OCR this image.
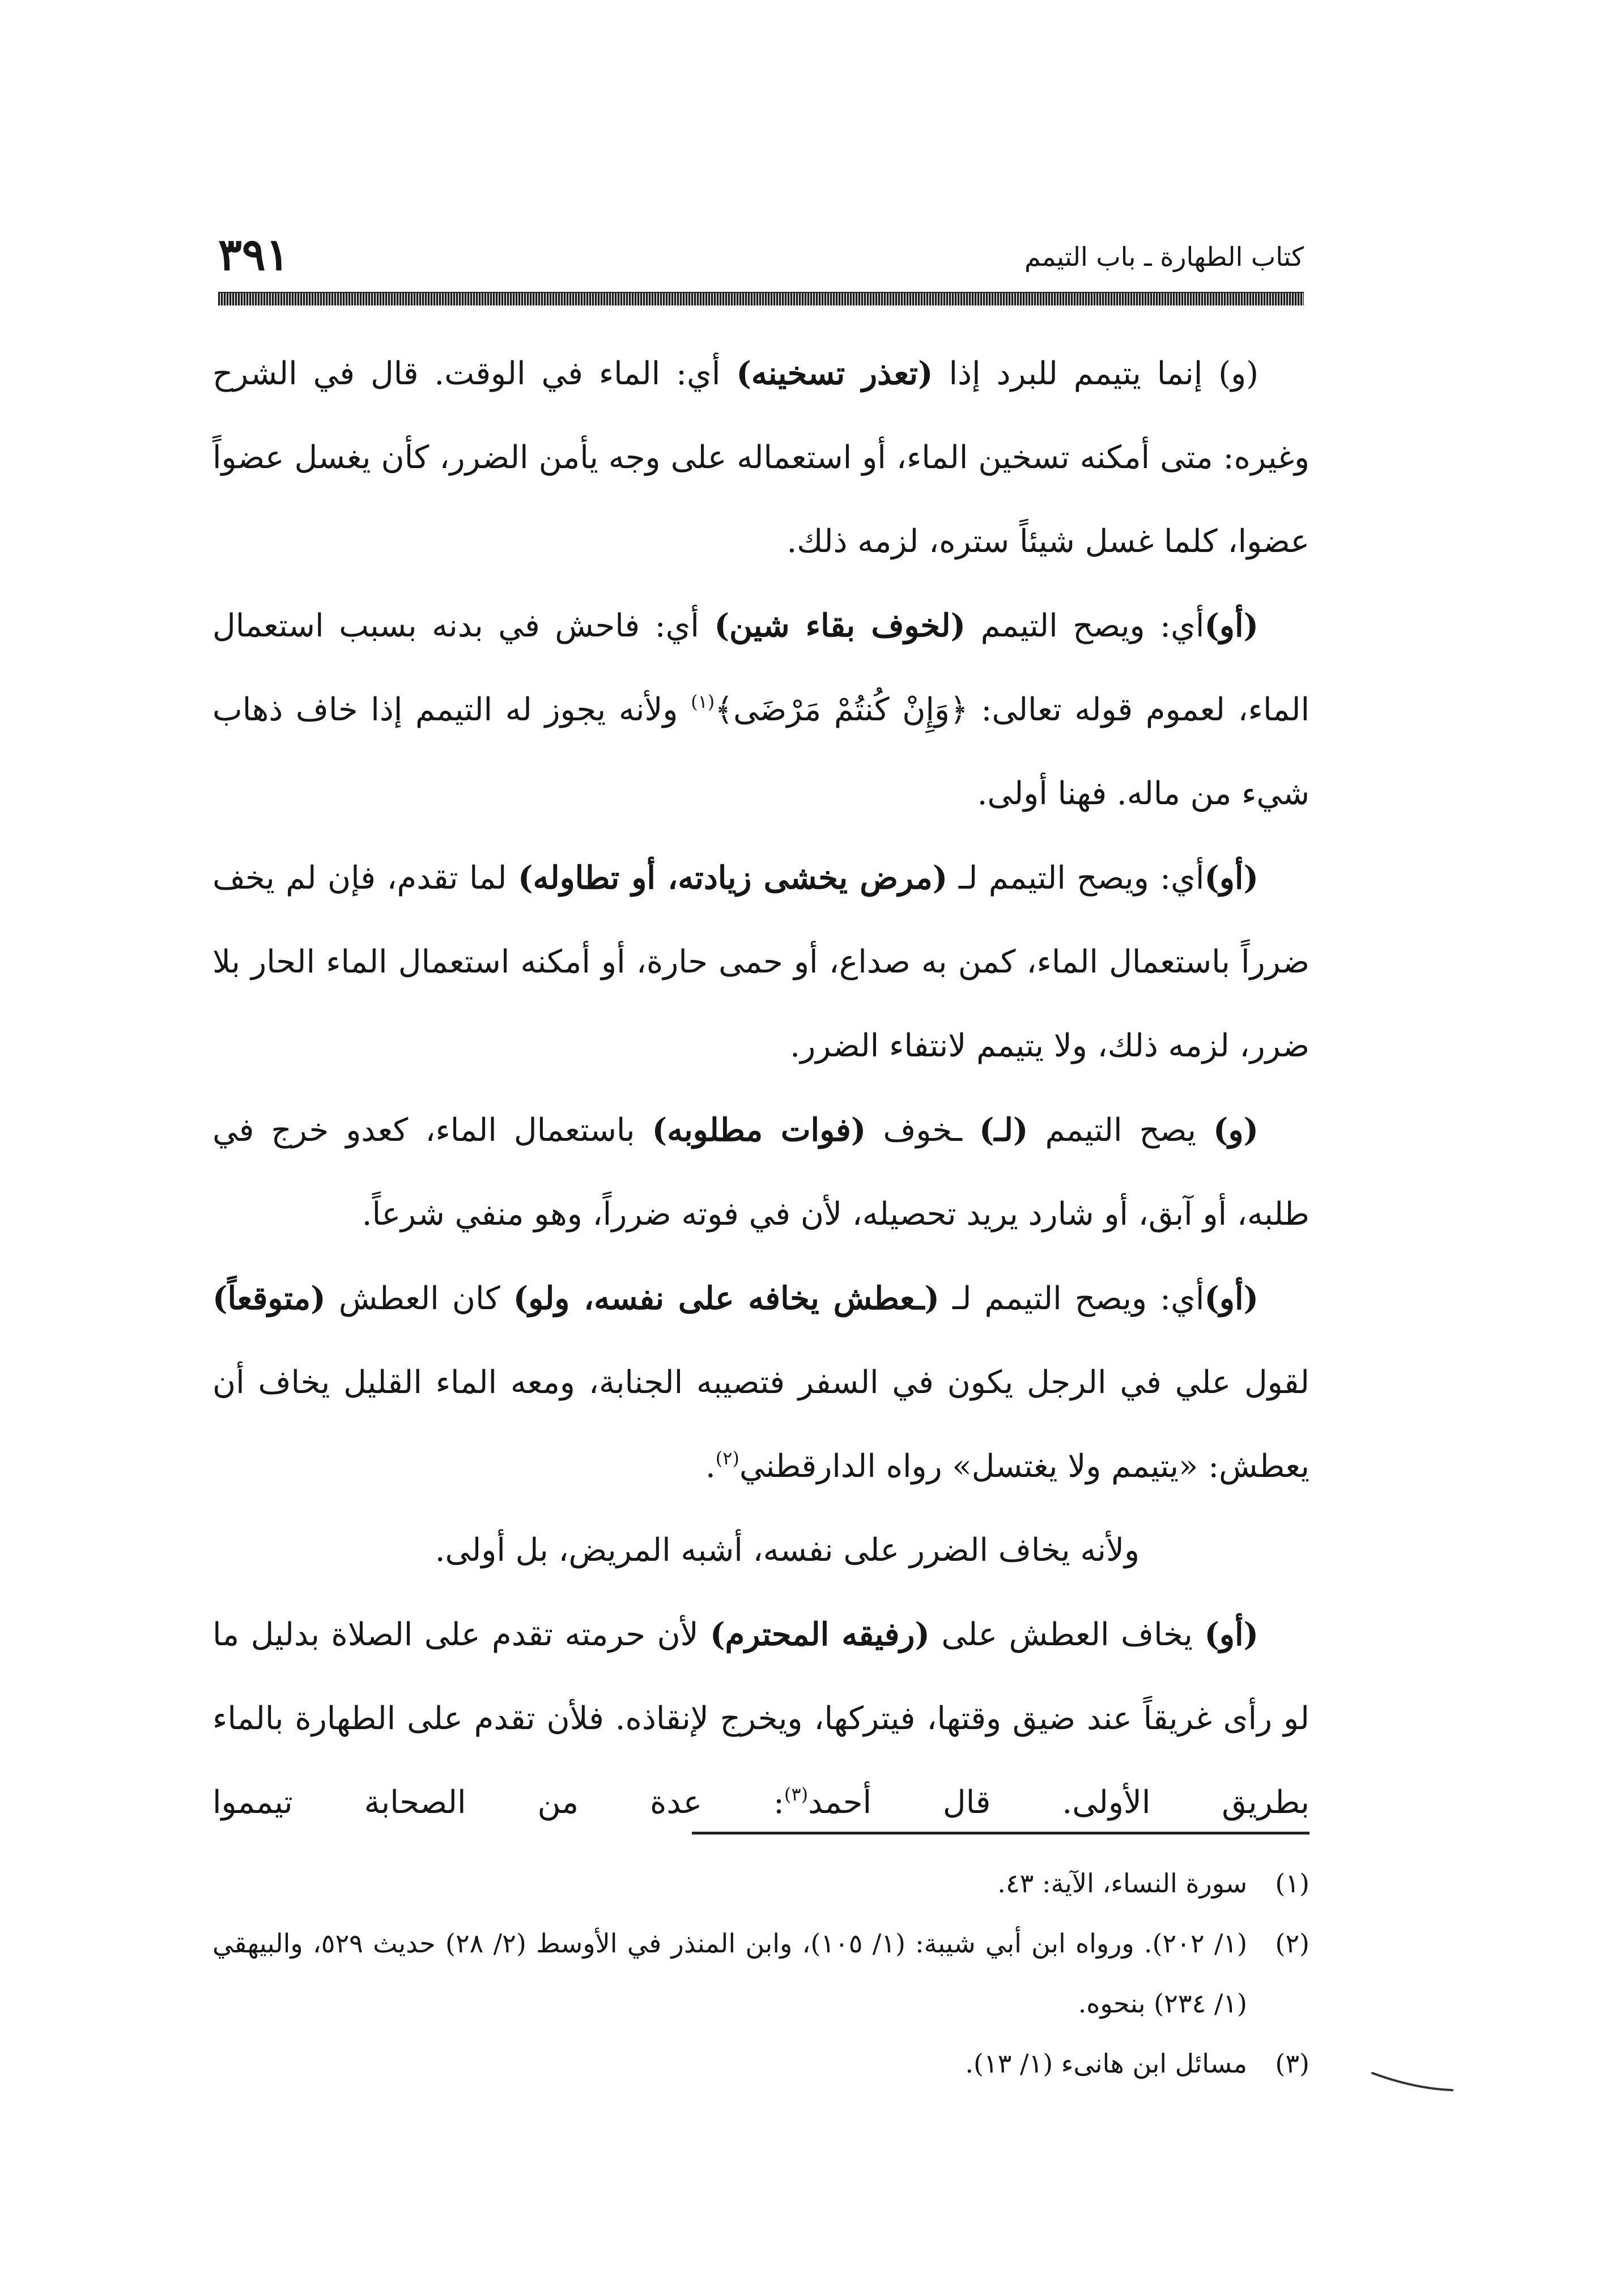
٣٩١	كتاب الطهارة ـ باب التيمم

(و) إنما يتيمم للبرد إذا (تعذر تسخينه) أي: الماء في الوقت. قال في الشرح وغيره: متى أمكنه تسخين الماء، أو استعماله على وجه يأمن الضرر، كأن يغسل عضواً عضوا، كلما غسل شيئاً ستره، لزمه ذلك.

(أو)أي: ويصح التيمم (لخوف بقاء شين) أي: فاحش في بدنه بسبب استعمال الماء، لعموم قوله تعالى: ﴿وَإِنْ كُنتُمْ مَرْضَى﴾$^{(١)}$ ولأنه يجوز له التيمم إذا خاف ذهاب شيء من ماله. فهنا أولى.

(أو)أي: ويصح التيمم لـ (مرض يخشى زيادته، أو تطاوله) لما تقدم، فإن لم يخف ضرراً باستعمال الماء، كمن به صداع، أو حمى حارة، أو أمكنه استعمال الماء الحار بلا ضرر، لزمه ذلك، ولا يتيمم لانتفاء الضرر.

(و) يصح التيمم (لـ) ـخوف (فوات مطلوبه) باستعمال الماء، كعدو خرج في طلبه، أو آبق، أو شارد يريد تحصيله، لأن في فوته ضرراً، وهو منفي شرعاً.

(أو)أي: ويصح التيمم لـ (ـعطش يخافه على نفسه، ولو) كان العطش (متوقعاً) لقول علي في الرجل يكون في السفر فتصيبه الجنابة، ومعه الماء القليل يخاف أن يعطش: «يتيمم ولا يغتسل» رواه الدارقطني$^{(٢)}$.

ولأنه يخاف الضرر على نفسه، أشبه المريض، بل أولى.

(أو) يخاف العطش على (رفيقه المحترم) لأن حرمته تقدم على الصلاة بدليل ما لو رأى غريقاً عند ضيق وقتها، فيتركها، ويخرج لإنقاذه. فلأن تقدم على الطهارة بالماء بطريق الأولى. قال أحمد$^{(٣)}$: عدة من الصحابة تيمموا

(١)
سورة النساء، الآية: ٤٣.
(٢)
(١/ ٢٠٢). ورواه ابن أبي شيبة: (١/ ١٠٥)، وابن المنذر في الأوسط (٢/ ٢٨) حديث ٥٢٩، والبيهقي (١/ ٢٣٤) بنحوه.
(٣)
مسائل ابن هانىء (١/ ١٣).
